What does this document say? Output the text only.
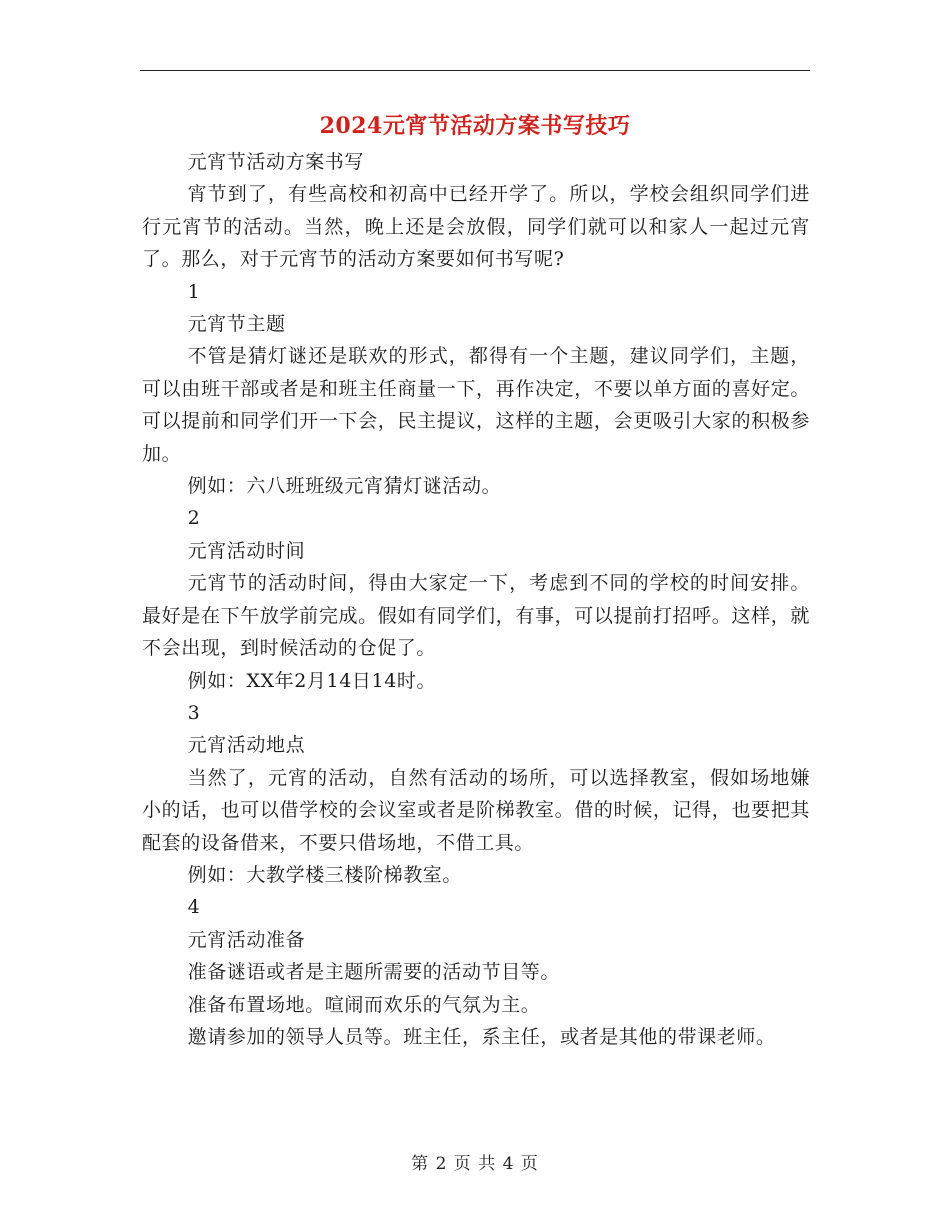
2024元宵节活动方案书写技巧

元宵节活动方案书写

宵节到了，有些高校和初高中已经开学了。所以，学校会组织同学们进行元宵节的活动。当然，晚上还是会放假，同学们就可以和家人一起过元宵了。那么，对于元宵节的活动方案要如何书写呢?

1

元宵节主题

不管是猜灯谜还是联欢的形式，都得有一个主题，建议同学们，主题，可以由班干部或者是和班主任商量一下，再作决定，不要以单方面的喜好定。可以提前和同学们开一下会，民主提议，这样的主题，会更吸引大家的积极参加。

例如：六八班班级元宵猜灯谜活动。

2

元宵活动时间

元宵节的活动时间，得由大家定一下，考虑到不同的学校的时间安排。最好是在下午放学前完成。假如有同学们，有事，可以提前打招呼。这样，就不会出现，到时候活动的仓促了。

例如：XX年2月14日14时。

3

元宵活动地点

当然了，元宵的活动，自然有活动的场所，可以选择教室，假如场地嫌小的话，也可以借学校的会议室或者是阶梯教室。借的时候，记得，也要把其配套的设备借来，不要只借场地，不借工具。

例如：大教学楼三楼阶梯教室。

4

元宵活动准备

准备谜语或者是主题所需要的活动节目等。

准备布置场地。喧闹而欢乐的气氛为主。

邀请参加的领导人员等。班主任，系主任，或者是其他的带课老师。

第 2 页 共 4 页
